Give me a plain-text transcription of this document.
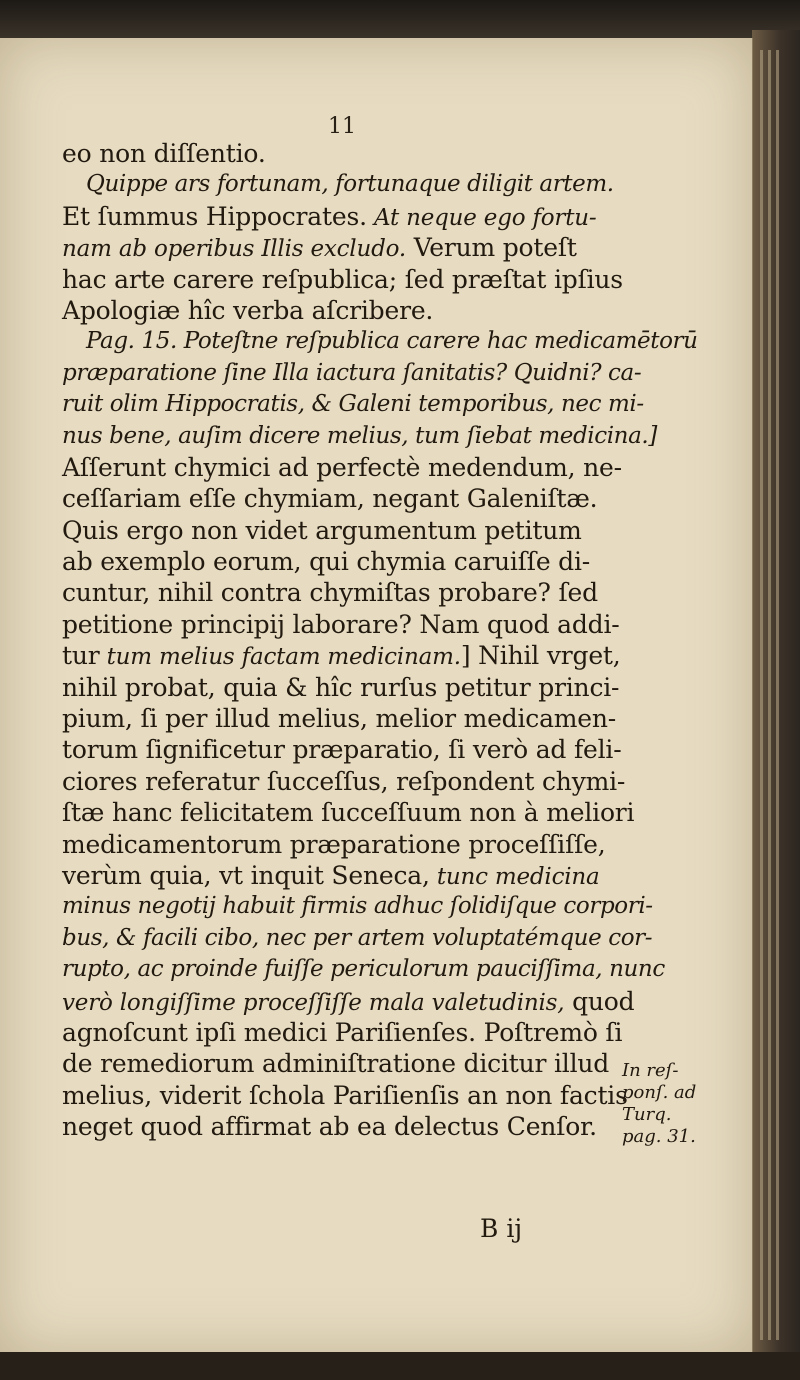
11
eo non diſſentio.
Quippe ars fortunam, fortunaque diligit artem.
Et ſummus Hippocrates. At neque ego fortu-
nam ab operibus Illis excludo. Verum poteſt
hac arte carere reſpublica; ſed præſtat ipſius
Apologiæ hîc verba aſcribere.
Pag. 15. Poteſtne reſpublica carere hac medicamētorū
præparatione ſine Illa iactura ſanitatis? Quidni? ca-
ruit olim Hippocratis, & Galeni temporibus, nec mi-
nus bene, auſim dicere melius, tum ſiebat medicina.]
Aſſerunt chymici ad perfectè medendum, ne-
ceſſariam eſſe chymiam, negant Galeniſtæ.
Quis ergo non videt argumentum petitum
ab exemplo eorum, qui chymia caruiſſe di-
cuntur, nihil contra chymiſtas probare? ſed
petitione principij laborare? Nam quod addi-
tur tum melius factam medicinam.] Nihil vrget,
nihil probat, quia & hîc rurſus petitur princi-
pium, ſi per illud melius, melior medicamen-
torum ſignificetur præparatio, ſi verò ad feli-
ciores referatur ſucceſſus, reſpondent chymi-
ſtæ hanc felicitatem ſucceſſuum non à meliori
medicamentorum præparatione proceſſiſſe,
verùm quia, vt inquit Seneca, tunc medicina
minus negotij habuit firmis adhuc ſolidiſque corpori-
bus, & facili cibo, nec per artem voluptatémque cor-
rupto, ac proinde fuiſſe periculorum pauciſſima, nunc
verò longiſſime proceſſiſſe mala valetudinis, quod
agnoſcunt ipſi medici Pariſienſes. Poſtremò ſi
de remediorum adminiſtratione dicitur illud
melius, viderit ſchola Pariſienſis an non factis
neget quod affirmat ab ea delectus Cenſor.
In reſ-
ponſ. ad
Turq.
pag. 31.
B ij
